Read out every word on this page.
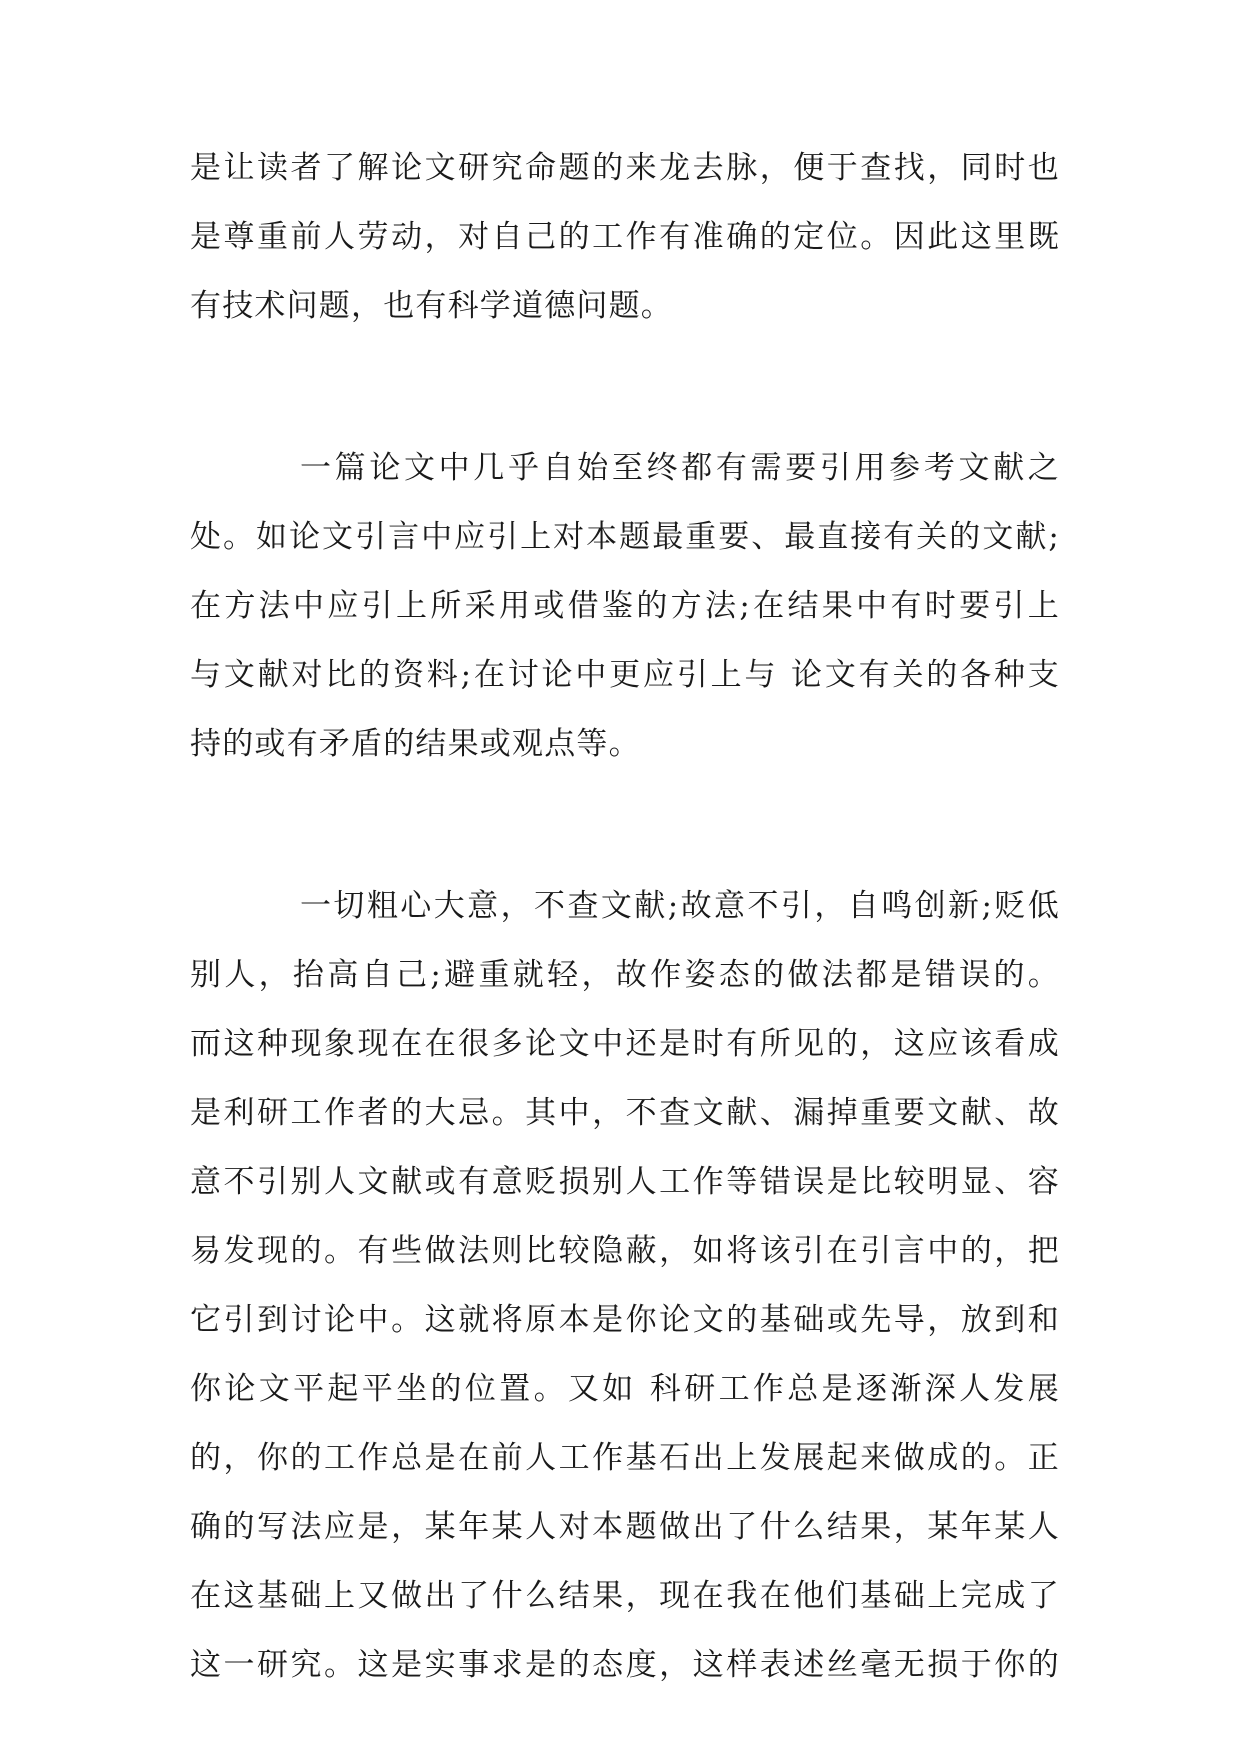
是让读者了解论文研究命题的来龙去脉，便于查找，同时也
是尊重前人劳动，对自己的工作有准确的定位。因此这里既
有技术问题，也有科学道德问题。
一篇论文中几乎自始至终都有需要引用参考文献之
处。如论文引言中应引上对本题最重要、最直接有关的文献;
在方法中应引上所采用或借鉴的方法;在结果中有时要引上
与文献对比的资料;在讨论中更应引上与 论文有关的各种支
持的或有矛盾的结果或观点等。
一切粗心大意，不查文献;故意不引，自鸣创新;贬低
别人，抬高自己;避重就轻，故作姿态的做法都是错误的。
而这种现象现在在很多论文中还是时有所见的，这应该看成
是利研工作者的大忌。其中，不查文献、漏掉重要文献、故
意不引别人文献或有意贬损别人工作等错误是比较明显、容
易发现的。有些做法则比较隐蔽，如将该引在引言中的，把
它引到讨论中。这就将原本是你论文的基础或先导，放到和
你论文平起平坐的位置。又如 科研工作总是逐渐深人发展
的，你的工作总是在前人工作基石出上发展起来做成的。正
确的写法应是，某年某人对本题做出了什么结果，某年某人
在这基础上又做出了什么结果，现在我在他们基础上完成了
这一研究。这是实事求是的态度，这样表述丝毫无损于你的
